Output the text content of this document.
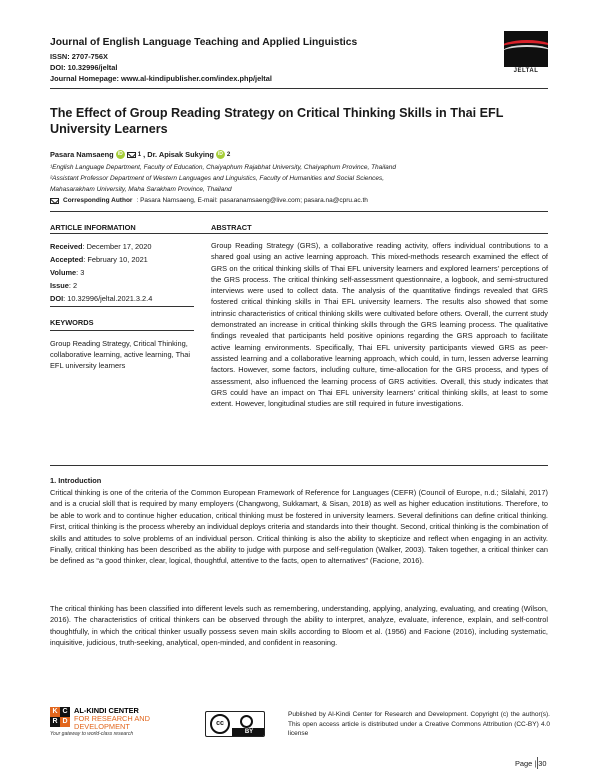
Journal of English Language Teaching and Applied Linguistics
ISSN: 2707-756X
DOI: 10.32996/jeltal
Journal Homepage: www.al-kindipublisher.com/index.php/jeltal
JELTAL
The Effect of Group Reading Strategy on Critical Thinking Skills in Thai EFL University Learners
Pasara Namsaeng iD	1 , Dr. Apisak Sukying iD 2
¹English Language Department, Faculty of Education, Chaiyaphum Rajabhat University, Chaiyaphum Province, Thailand
²Assistant Professor Department of Western Languages and Linguistics, Faculty of Humanities and Social Sciences,
Mahasarakham University, Maha Sarakham Province, Thailand
Corresponding Author : Pasara Namsaeng, E-mail: pasaranamsaeng@live.com; pasara.na@cpru.ac.th
ARTICLE INFORMATION	ABSTRACT
Received: December 17, 2020
Accepted: February 10, 2021
Volume: 3
Issue: 2
DOI: 10.32996/jeltal.2021.3.2.4
KEYWORDS
Group Reading Strategy, Critical Thinking, collaborative learning, active learning, Thai EFL university learners
Group Reading Strategy (GRS), a collaborative reading activity, offers individual contributions to a shared goal using an active learning approach. This mixed-methods research examined the effect of GRS on the critical thinking skills of Thai EFL university learners and explored learners’ perceptions of the GRS process. The critical thinking self-assessment questionnaire, a logbook, and semi-structured interviews were used to collect data. The analysis of the quantitative findings revealed that GRS fostered critical thinking skills in Thai EFL university learners. The results also showed that some intrinsic characteristics of critical thinking skills were cultivated before others. Overall, the current study demonstrated an increase in critical thinking skills through the GRS learning process. The qualitative findings revealed that participants held positive opinions regarding the GRS approach to facilitate active learning environments. Specifically, Thai EFL university participants viewed GRS as peer-assisted learning and a collaborative learning approach, which could, in turn, lessen adverse learning factors. However, some factors, including culture, time-allocation for the GRS process, and types of assessment, also influenced the learning process of GRS activities. Overall, this study indicates that GRS could have an impact on Thai EFL university learners’ critical thinking skills, at least to some extent. However, longitudinal studies are still required in future investigations.
1. Introduction
Critical thinking is one of the criteria of the Common European Framework of Reference for Languages (CEFR) (Council of Europe, n.d.; Silalahi, 2017) and is a crucial skill that is required by many employers (Changwong, Sukkamart, & Sisan, 2018) as well as higher education institutions. Therefore, to be able to work and to continue higher education, critical thinking must be fostered in university learners. Several definitions can define critical thinking. First, critical thinking is the process whereby an individual deploys criteria and standards into their thought. Second, critical thinking is the combination of skills and attitudes to solve problems of an individual person. Critical thinking is also the ability to skepticize and reflect when engaging in an activity. Finally, critical thinking has been described as the ability to judge with purpose and self-regulation (Walker, 2003). Taken together, a critical thinker can be defined as “a good thinker, clear, logical, thoughtful, attentive to the facts, open to alternatives” (Facione, 2016).
The critical thinking has been classified into different levels such as remembering, understanding, applying, analyzing, evaluating, and creating (Wilson, 2016). The characteristics of critical thinkers can be observed through the ability to interpret, analyze, evaluate, inference, explain, and self-control thoughtfully, in which the critical thinker usually possess seven main skills according to Bloom et al. (1956) and Facione (2016), including systematic, inquisitive, judicious, truth-seeking, analytical, open-minded, and confident in reasoning.
K C
R D
AL-KINDI CENTER
FOR RESEARCH AND
DEVELOPMENT
Your gateway to world-class research
cc
BY
Published by Al-Kindi Center for Research and Development. Copyright (c) the author(s). This open access article is distributed under a Creative Commons Attribution (CC-BY) 4.0 license
Page | 30
